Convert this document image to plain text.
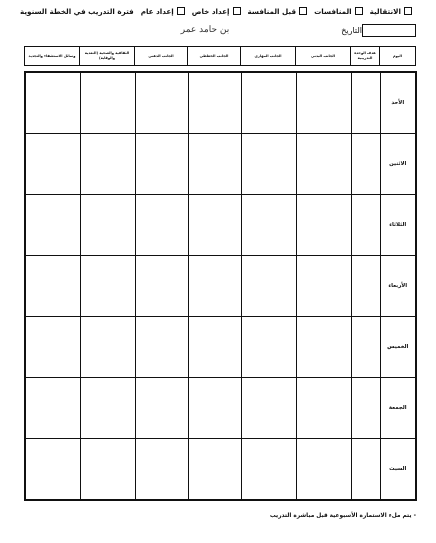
فترة التدريب في الخطة السنوية إعداد عام	إعداد خاص	قبل المنافسة	المنافسات	الانتقالية
التاريخ
بن حامد عمر
وسائل الاستشفاء والتجديد	الثقافية والصحية (التغذية والوقاية)	الجانب الذهني	الجانب الخططي	الجانب المهاري	الجانب البدني	هدف الوحدة التدريبية	اليوم
							الأحد
							الاثنين
							الثلاثاء
							الأربعاء
							الخميس
							الجمعة
							السبت
- يتم ملء الاستمارة الأسبوعية قبل مباشرة التدريب
